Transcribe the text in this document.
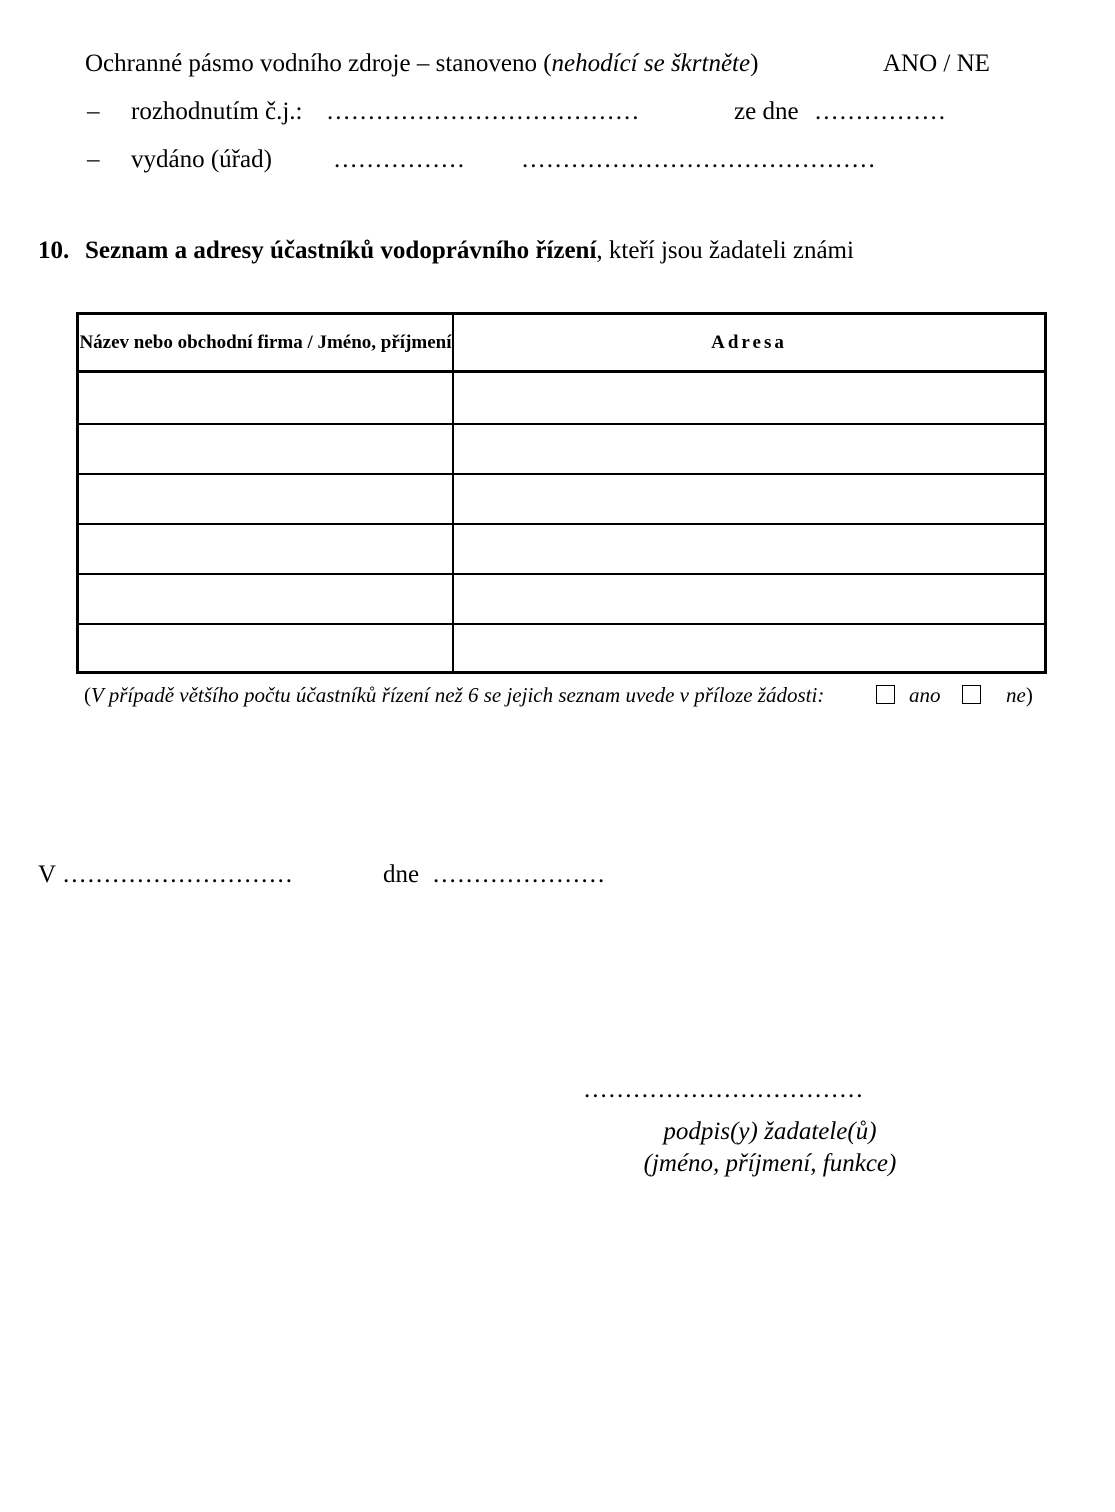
Ochranné pásmo vodního zdroje – stanoveno (nehodící se škrtněte)	ANO / NE
– rozhodnutím č.j.: ......................................	ze dne ................
– vydáno (úřad) ................ ...........................................
10. Seznam a adresy účastníků vodoprávního řízení, kteří jsou žadateli známi
Název nebo obchodní firma / Jméno, příjmení	Adresa
(V případě většího počtu účastníků řízení než 6 se jejich seznam uvede v příloze žádosti:	ano	ne)
V ............................	dne .....................
..................................
podpis(y) žadatele(ů)
(jméno, příjmení, funkce)
